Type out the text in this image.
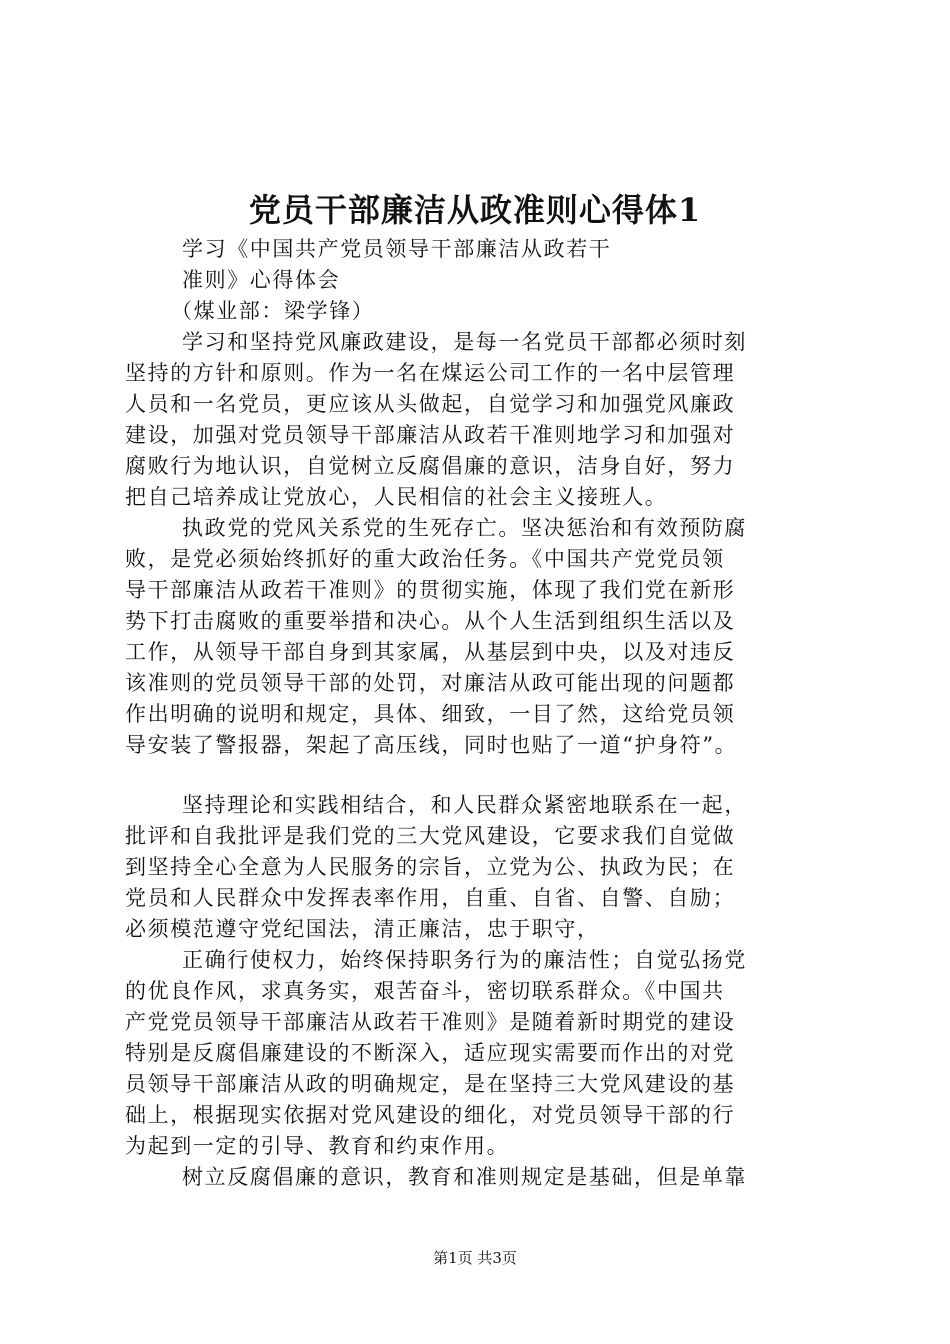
党员干部廉洁从政准则心得体1
学习《中国共产党员领导干部廉洁从政若干
准则》心得体会
（煤业部：梁学锋）
学习和坚持党风廉政建设，是每一名党员干部都必须时刻
坚持的方针和原则。作为一名在煤运公司工作的一名中层管理
人员和一名党员，更应该从头做起，自觉学习和加强党风廉政
建设，加强对党员领导干部廉洁从政若干准则地学习和加强对
腐败行为地认识，自觉树立反腐倡廉的意识，洁身自好，努力
把自己培养成让党放心，人民相信的社会主义接班人。
执政党的党风关系党的生死存亡。坚决惩治和有效预防腐
败，是党必须始终抓好的重大政治任务。《中国共产党党员领
导干部廉洁从政若干准则》的贯彻实施，体现了我们党在新形
势下打击腐败的重要举措和决心。从个人生活到组织生活以及
工作，从领导干部自身到其家属，从基层到中央，以及对违反
该准则的党员领导干部的处罚，对廉洁从政可能出现的问题都
作出明确的说明和规定，具体、细致，一目了然，这给党员领
导安装了警报器，架起了高压线，同时也贴了一道“护身符”。
坚持理论和实践相结合，和人民群众紧密地联系在一起，
批评和自我批评是我们党的三大党风建设，它要求我们自觉做
到坚持全心全意为人民服务的宗旨，立党为公、执政为民；在
党员和人民群众中发挥表率作用，自重、自省、自警、自励；
必须模范遵守党纪国法，清正廉洁，忠于职守，
正确行使权力，始终保持职务行为的廉洁性；自觉弘扬党
的优良作风，求真务实，艰苦奋斗，密切联系群众。《中国共
产党党员领导干部廉洁从政若干准则》是随着新时期党的建设
特别是反腐倡廉建设的不断深入，适应现实需要而作出的对党
员领导干部廉洁从政的明确规定，是在坚持三大党风建设的基
础上，根据现实依据对党风建设的细化，对党员领导干部的行
为起到一定的引导、教育和约束作用。
树立反腐倡廉的意识，教育和准则规定是基础，但是单靠
第1页 共3页
